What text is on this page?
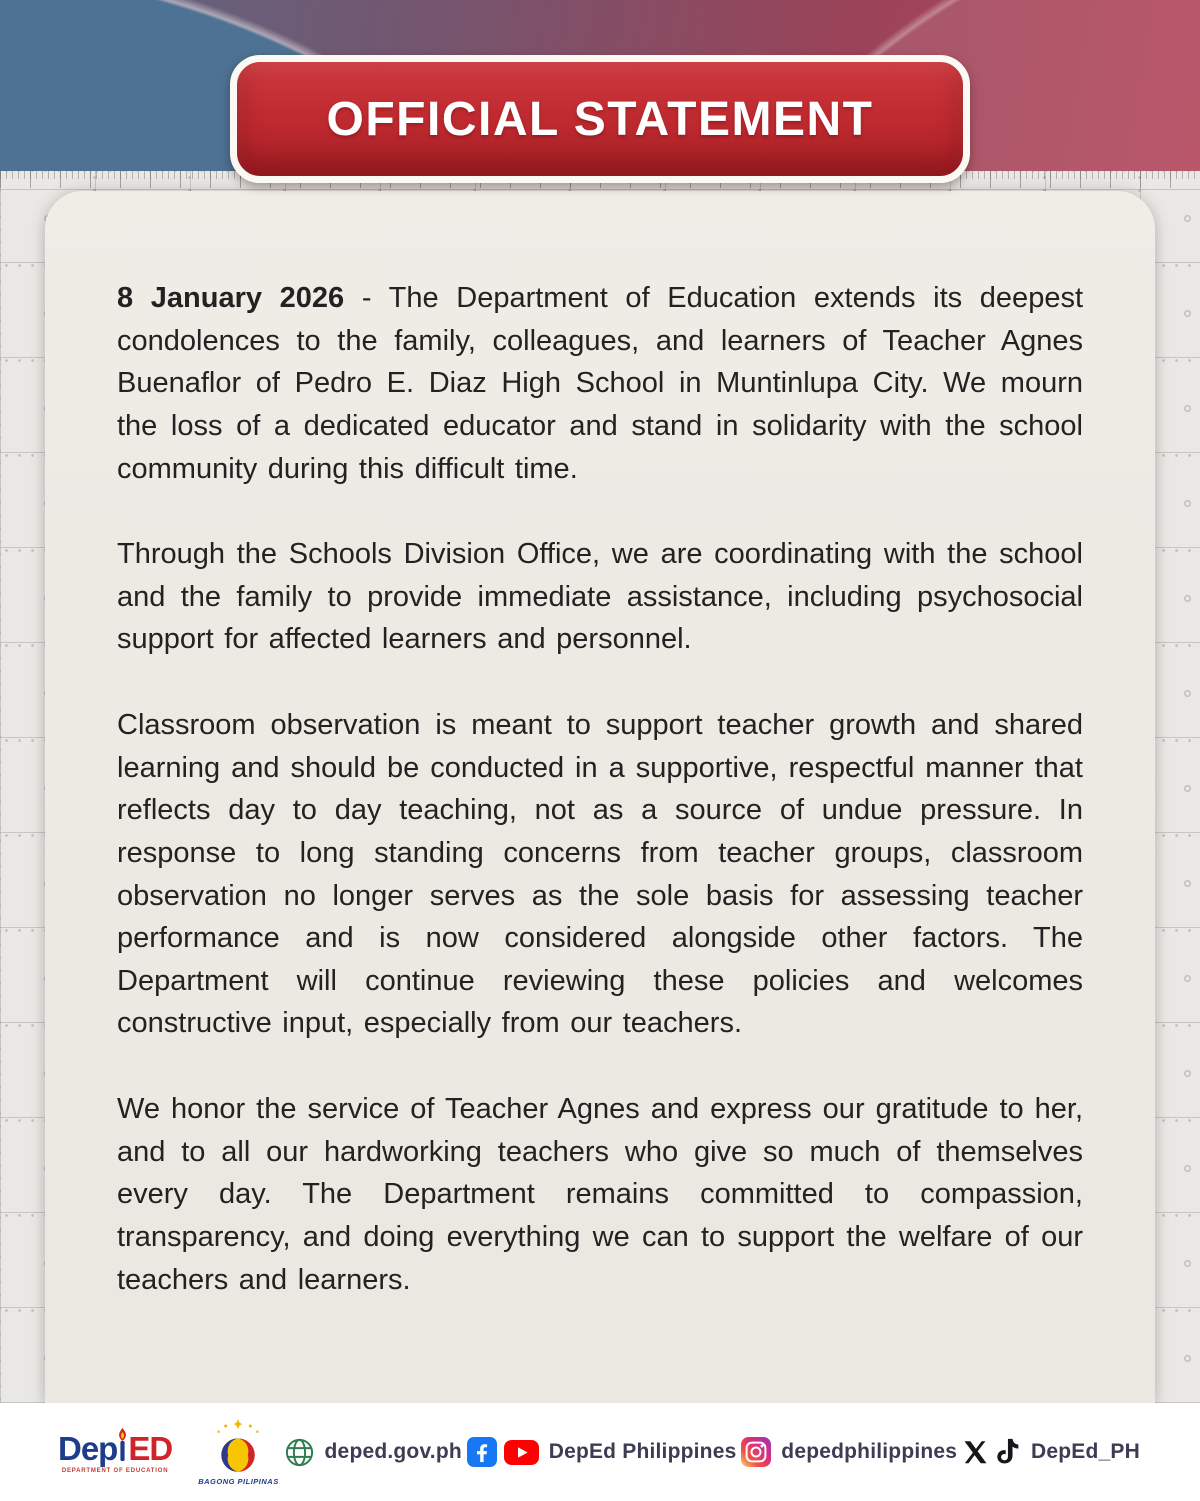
OFFICIAL STATEMENT

8 January 2026 - The Department of Education extends its deepest condolences to the family, colleagues, and learners of Teacher Agnes Buenaflor of Pedro E. Diaz High School in Muntinlupa City. We mourn the loss of a dedicated educator and stand in solidarity with the school community during this difficult time.

Through the Schools Division Office, we are coordinating with the school and the family to provide immediate assistance, including psychosocial support for affected learners and personnel.

Classroom observation is meant to support teacher growth and shared learning and should be conducted in a supportive, respectful manner that reflects day to day teaching, not as a source of undue pressure. In response to long standing concerns from teacher groups, classroom observation no longer serves as the sole basis for assessing teacher performance and is now considered alongside other factors. The Department will continue reviewing these policies and welcomes constructive input, especially from our teachers.

We honor the service of Teacher Agnes and express our gratitude to her, and to all our hardworking teachers who give so much of themselves every day. The Department remains committed to compassion, transparency, and doing everything we can to support the welfare of our teachers and learners.

Dep ED
DEPARTMENT OF EDUCATION
BAGONG PILIPINAS
deped.gov.ph	DepEd Philippines depedphilippines	DepEd_PH
